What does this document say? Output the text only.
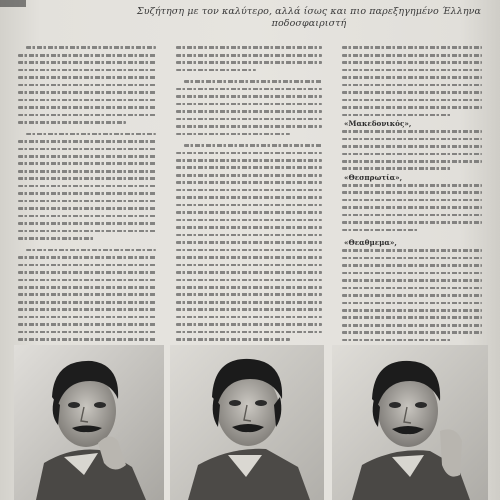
Συζήτηση με τον καλύτερο, αλλά ίσως και πιο παρεξηγημένο Έλληνα ποδοσφαιριστή
«Μακεδονικός»,
«Θεσπρωτία»,
«Θεαθμεμα»,
